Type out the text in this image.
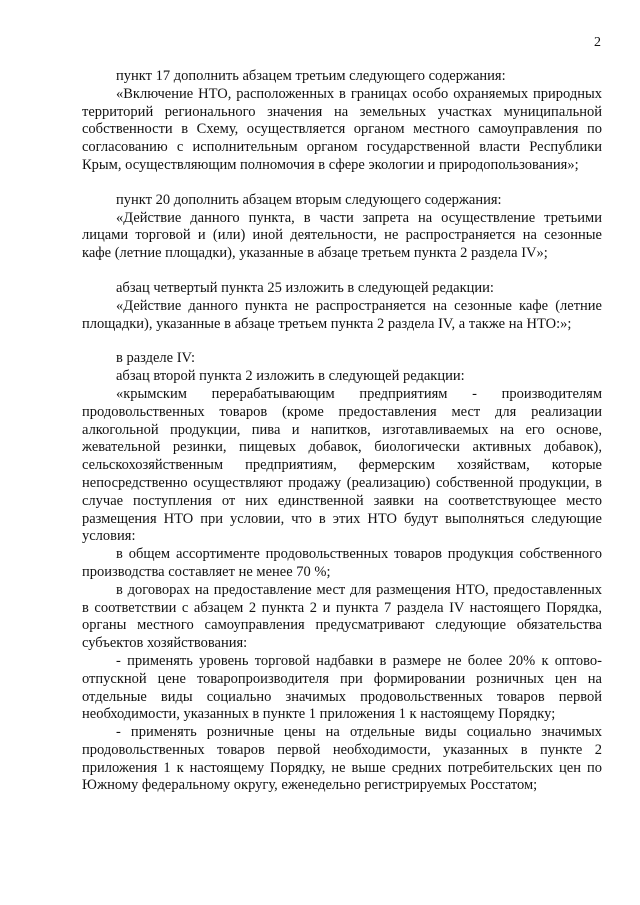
2

пункт 17 дополнить абзацем третьим следующего содержания:

«Включение НТО, расположенных в границах особо охраняемых природных территорий регионального значения на земельных участках муниципальной собственности в Схему, осуществляется органом местного самоуправления по согласованию с исполнительным органом государственной власти Республики Крым, осуществляющим полномочия в сфере экологии и природопользования»;

пункт 20 дополнить абзацем вторым следующего содержания:

«Действие данного пункта, в части запрета на осуществление третьими лицами торговой и (или) иной деятельности, не распространяется на сезонные кафе (летние площадки), указанные в абзаце третьем пункта 2 раздела IV»;

абзац четвертый пункта 25 изложить в следующей редакции:

«Действие данного пункта не распространяется на сезонные кафе (летние площадки), указанные в абзаце третьем пункта 2 раздела IV, а также на НТО:»;

в разделе IV:

абзац второй пункта 2 изложить в следующей редакции:

«крымским перерабатывающим предприятиям - производителям продовольственных товаров (кроме предоставления мест для реализации алкогольной продукции, пива и напитков, изготавливаемых на его основе, жевательной резинки, пищевых добавок, биологически активных добавок), сельскохозяйственным предприятиям, фермерским хозяйствам, которые непосредственно осуществляют продажу (реализацию) собственной продукции, в случае поступления от них единственной заявки на соответствующее место размещения НТО при условии, что в этих НТО будут выполняться следующие условия:

в общем ассортименте продовольственных товаров продукция собственного производства составляет не менее 70 %;

в договорах на предоставление мест для размещения НТО, предоставленных в соответствии с абзацем 2 пункта 2 и пункта 7 раздела IV настоящего Порядка, органы местного самоуправления предусматривают следующие обязательства субъектов хозяйствования:

- применять уровень торговой надбавки в размере не более 20% к оптово-отпускной цене товаропроизводителя при формировании розничных цен на отдельные виды социально значимых продовольственных товаров первой необходимости, указанных в пункте 1 приложения 1 к настоящему Порядку;

- применять розничные цены на отдельные виды социально значимых продовольственных товаров первой необходимости, указанных в пункте 2 приложения 1 к настоящему Порядку, не выше средних потребительских цен по Южному федеральному округу, еженедельно регистрируемых Росстатом;
